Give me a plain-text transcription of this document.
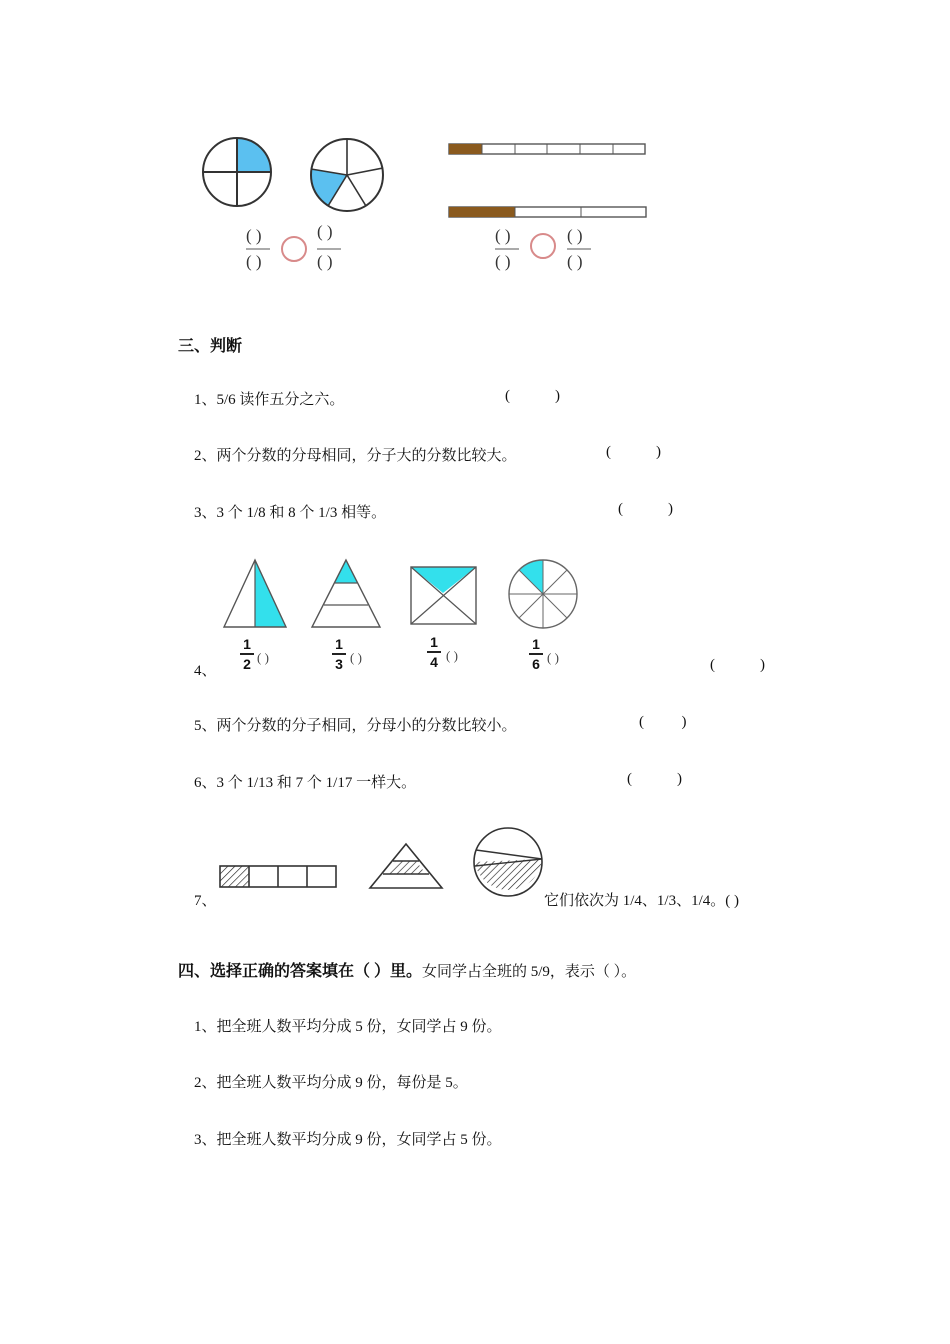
( )
( )
( )
( )
( )
( )
( )
( )
三、判断
1、5/6 读作五分之六。	(            )
2、两个分数的分母相同，分子大的分数比较大。	(            )
3、3 个 1/8 和 8 个 1/3 相等。	(            )
1
2 ( )
1
3 ( )
1
4 ( )
1
6 ( )
4、	(            )
5、两个分数的分子相同，分母小的分数比较小。	(          )
6、3 个 1/13 和 7 个 1/17 一样大。	(            )
7、	它们依次为 1/4、1/3、1/4。( )
四、选择正确的答案填在（ ）里。女同学占全班的 5/9，表示（ ）。
1、把全班人数平均分成 5 份，女同学占 9 份。
2、把全班人数平均分成 9 份，每份是 5。
3、把全班人数平均分成 9 份，女同学占 5 份。
